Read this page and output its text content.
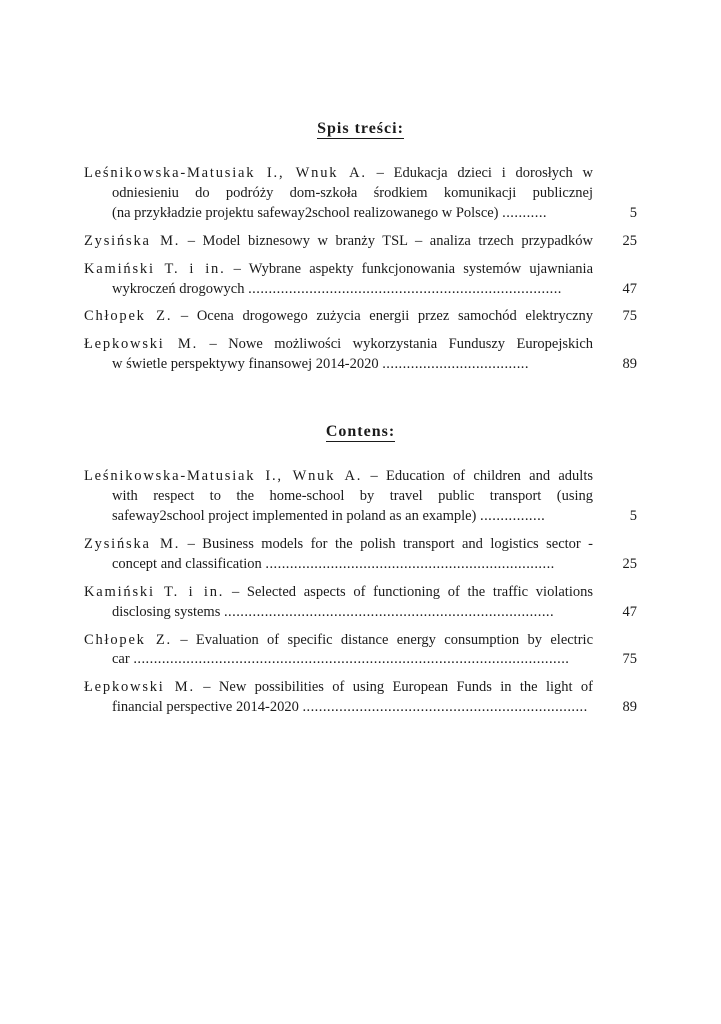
Spis treści:
Leśnikowska-Matusiak I., Wnuk A. – Edukacja dzieci i dorosłych w
odniesieniu do podróży dom-szkoła środkiem komunikacji publicznej
(na przykładzie projektu safeway2school realizowanego w Polsce) ...........	5
Zysińska M. – Model biznesowy w branży TSL – analiza trzech przypadków	25
Kamiński T. i in. – Wybrane aspekty funkcjonowania systemów ujawniania
wykroczeń drogowych .............................................................................	47
Chłopek Z. – Ocena drogowego zużycia energii przez samochód elektryczny	75
Łepkowski M. – Nowe możliwości wykorzystania Funduszy Europejskich
w świetle perspektywy finansowej 2014-2020 ....................................	89
Contens:
Leśnikowska-Matusiak I., Wnuk A. – Education of children and adults
with respect to the home-school by travel public transport (using
safeway2school project implemented in poland as an example) ................	5
Zysińska M. – Business models for the polish transport and logistics sector -
concept and classification .......................................................................	25
Kamiński T. i in. – Selected aspects of functioning of the traffic violations
disclosing systems .................................................................................	47
Chłopek Z. – Evaluation of specific distance energy consumption by electric
car ...........................................................................................................	75
Łepkowski M. – New possibilities of using European Funds in the light of
financial perspective 2014-2020 ......................................................................	89
